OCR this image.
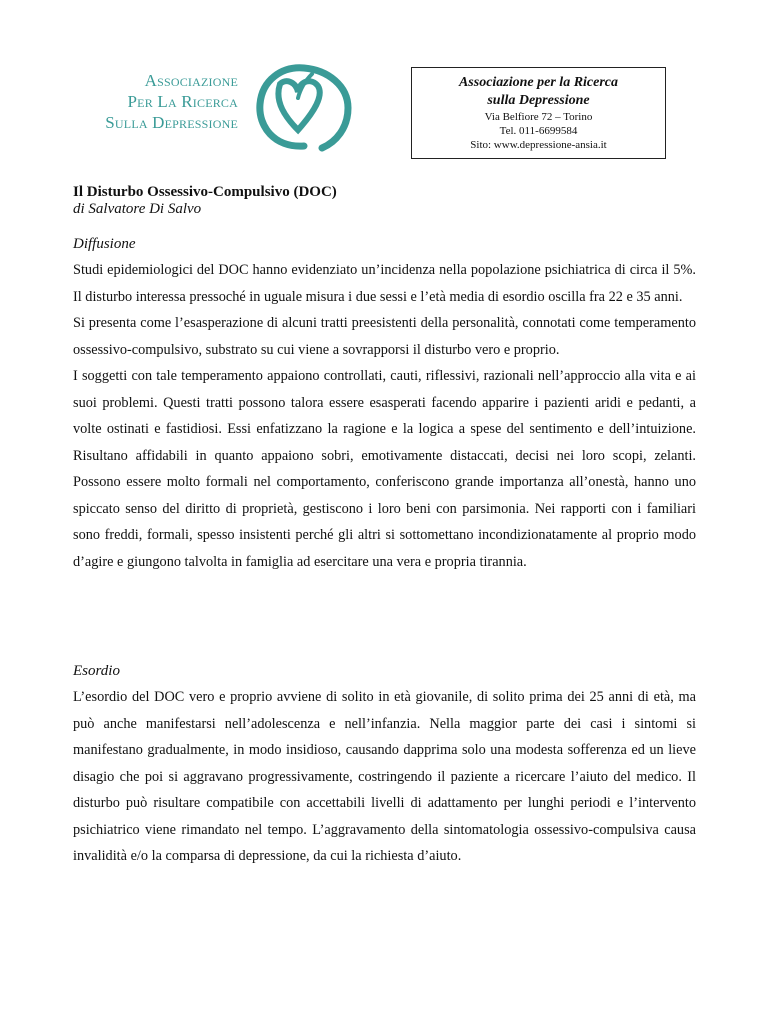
Associazione
Per La Ricerca
Sulla Depressione
Associazione per la Ricerca
sulla Depressione
Via Belfiore 72 – Torino
Tel. 011-6699584
Sito: www.depressione-ansia.it
Il Disturbo Ossessivo-Compulsivo (DOC)
di Salvatore Di Salvo
Diffusione

Studi epidemiologici del DOC hanno evidenziato un’incidenza nella popolazione psichiatrica di circa il 5%. Il disturbo interessa pressoché in uguale misura i due sessi e l’età media di esordio oscilla fra 22 e 35 anni.

Si presenta come l’esasperazione di alcuni tratti preesistenti della personalità, connotati come temperamento ossessivo-compulsivo, substrato su cui viene a sovrapporsi il disturbo vero e proprio.

I soggetti con tale temperamento appaiono controllati, cauti, riflessivi, razionali nell’approccio alla vita e ai suoi problemi. Questi tratti possono talora essere esasperati facendo apparire i pazienti aridi e pedanti, a volte ostinati e fastidiosi. Essi enfatizzano la ragione e la logica a spese del sentimento e dell’intuizione. Risultano affidabili in quanto appaiono sobri, emotivamente distaccati, decisi nei loro scopi, zelanti. Possono essere molto formali nel comportamento, conferiscono grande importanza all’onestà, hanno uno spiccato senso del diritto di proprietà, gestiscono i loro beni con parsimonia. Nei rapporti con i familiari sono freddi, formali, spesso insistenti perché gli altri si sottomettano incondizionatamente al proprio modo d’agire e giungono talvolta in famiglia ad esercitare una vera e propria tirannia.

Esordio

L’esordio del DOC vero e proprio avviene di solito in età giovanile, di solito prima dei 25 anni di età, ma può anche manifestarsi nell’adolescenza e nell’infanzia. Nella maggior parte dei casi i sintomi si manifestano gradualmente, in modo insidioso, causando dapprima solo una modesta sofferenza ed un lieve disagio che poi si aggravano progressivamente, costringendo il paziente a ricercare l’aiuto del medico. Il disturbo può risultare compatibile con accettabili livelli di adattamento per lunghi periodi e l’intervento psichiatrico viene rimandato nel tempo. L’aggravamento della sintomatologia ossessivo-compulsiva causa invalidità e/o la comparsa di depressione, da cui la richiesta d’aiuto.
